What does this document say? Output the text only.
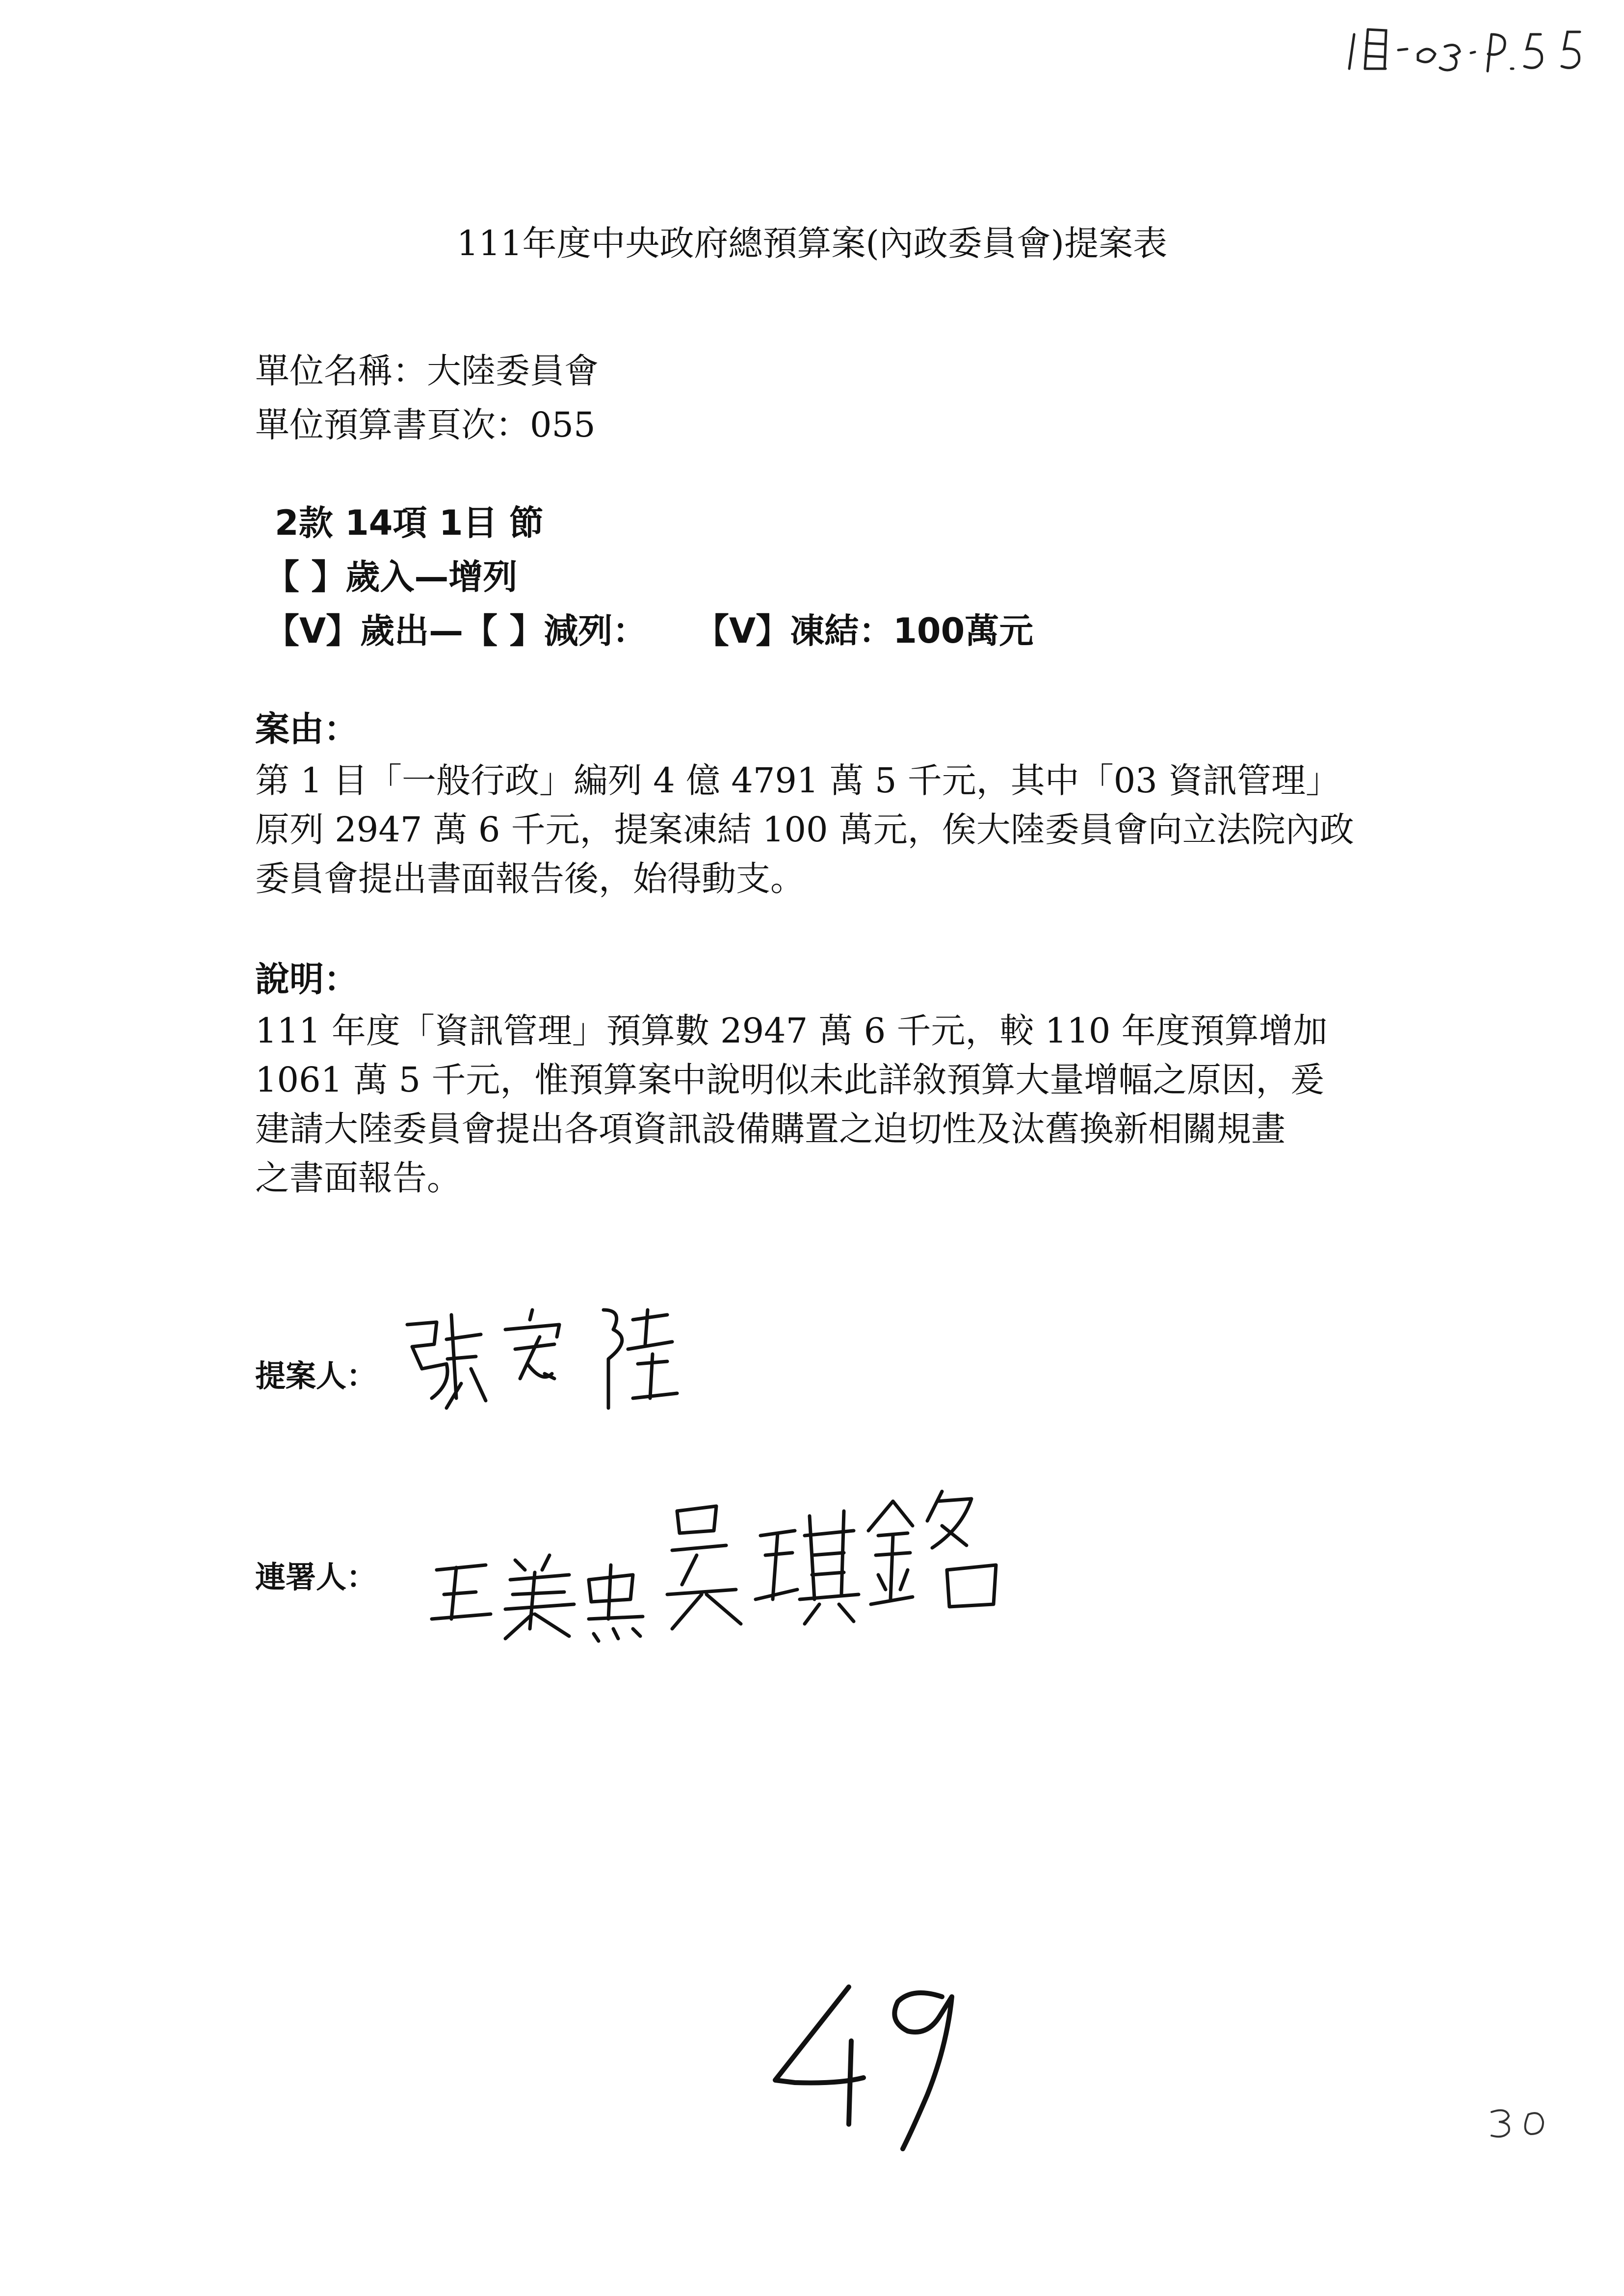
111年度中央政府總預算案(內政委員會)提案表
單位名稱：大陸委員會
單位預算書頁次：055
2款 14項 1目 節
【 】歲入—增列
【V】歲出—【 】減列：    【V】凍結：100萬元
案由：
第 1 目「一般行政」編列 4 億 4791 萬 5 千元，其中「03 資訊管理」
原列 2947 萬 6 千元，提案凍結 100 萬元，俟大陸委員會向立法院內政
委員會提出書面報告後，始得動支。
說明：
111 年度「資訊管理」預算數 2947 萬 6 千元，較 110 年度預算增加
1061 萬 5 千元，惟預算案中說明似未此詳敘預算大量增幅之原因，爰
建請大陸委員會提出各項資訊設備購置之迫切性及汰舊換新相關規畫
之書面報告。
提案人：
連署人：
